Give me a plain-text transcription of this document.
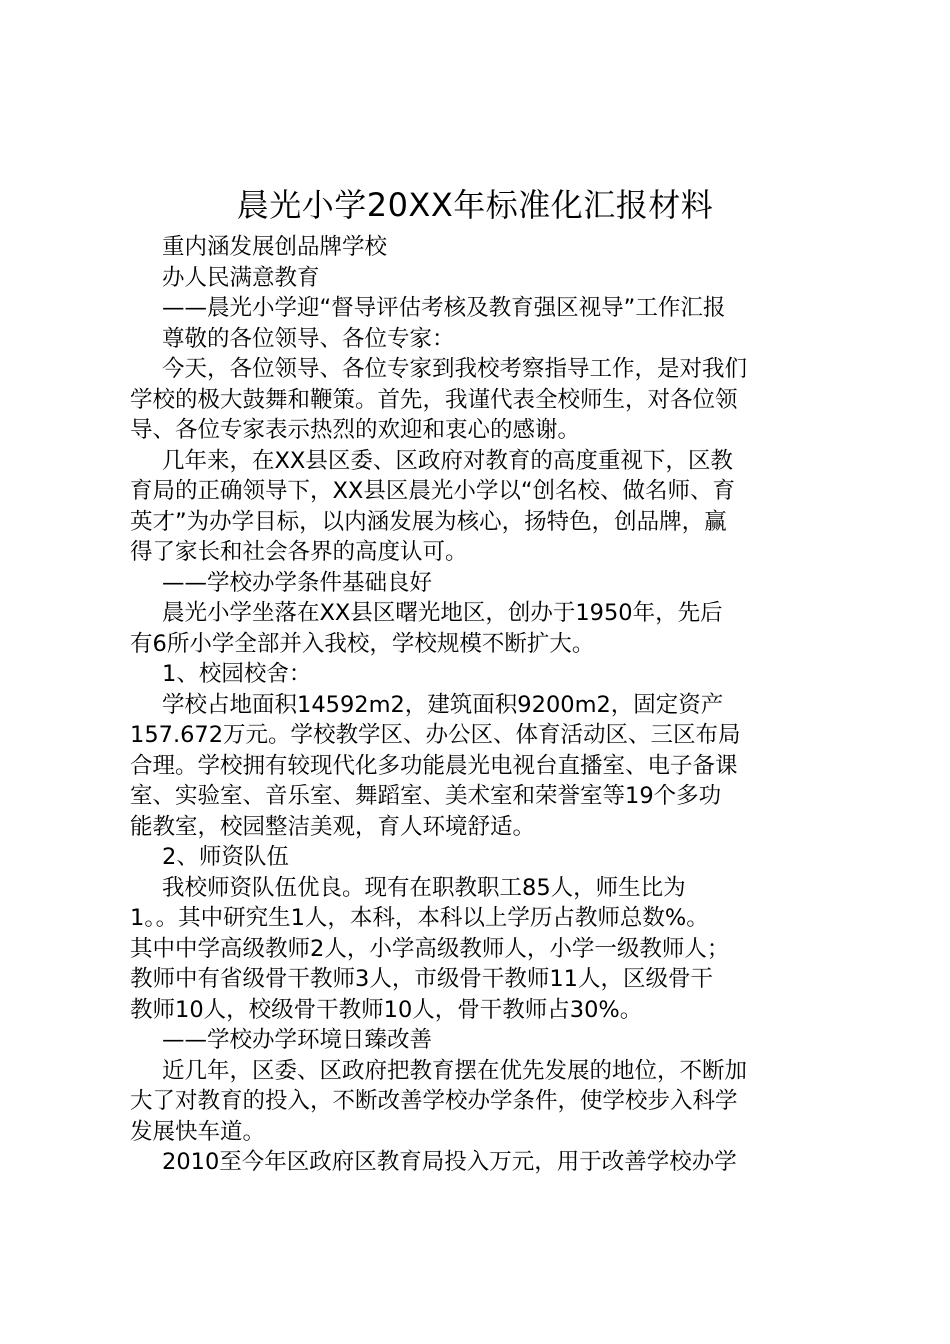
晨光小学20XX年标准化汇报材料
重内涵发展创品牌学校
办人民满意教育
——晨光小学迎“督导评估考核及教育强区视导”工作汇报
尊敬的各位领导、各位专家：
今天，各位领导、各位专家到我校考察指导工作，是对我们
学校的极大鼓舞和鞭策。首先，我谨代表全校师生，对各位领
导、各位专家表示热烈的欢迎和衷心的感谢。
几年来，在XX县区委、区政府对教育的高度重视下，区教
育局的正确领导下，XX县区晨光小学以“创名校、做名师、育
英才”为办学目标，以内涵发展为核心，扬特色，创品牌，赢
得了家长和社会各界的高度认可。
——学校办学条件基础良好
晨光小学坐落在XX县区曙光地区，创办于1950年，先后
有6所小学全部并入我校，学校规模不断扩大。
1、校园校舍：
学校占地面积14592m2，建筑面积9200m2，固定资产
157.672万元。学校教学区、办公区、体育活动区、三区布局
合理。学校拥有较现代化多功能晨光电视台直播室、电子备课
室、实验室、音乐室、舞蹈室、美术室和荣誉室等19个多功
能教室，校园整洁美观，育人环境舒适。
2、师资队伍
我校师资队伍优良。现有在职教职工85人，师生比为
1。。其中研究生1人，本科，本科以上学历占教师总数%。
其中中学高级教师2人，小学高级教师人，小学一级教师人；
教师中有省级骨干教师3人，市级骨干教师11人，区级骨干
教师10人，校级骨干教师10人，骨干教师占30%。
——学校办学环境日臻改善
近几年，区委、区政府把教育摆在优先发展的地位，不断加
大了对教育的投入，不断改善学校办学条件，使学校步入科学
发展快车道。
2010至今年区政府区教育局投入万元，用于改善学校办学
